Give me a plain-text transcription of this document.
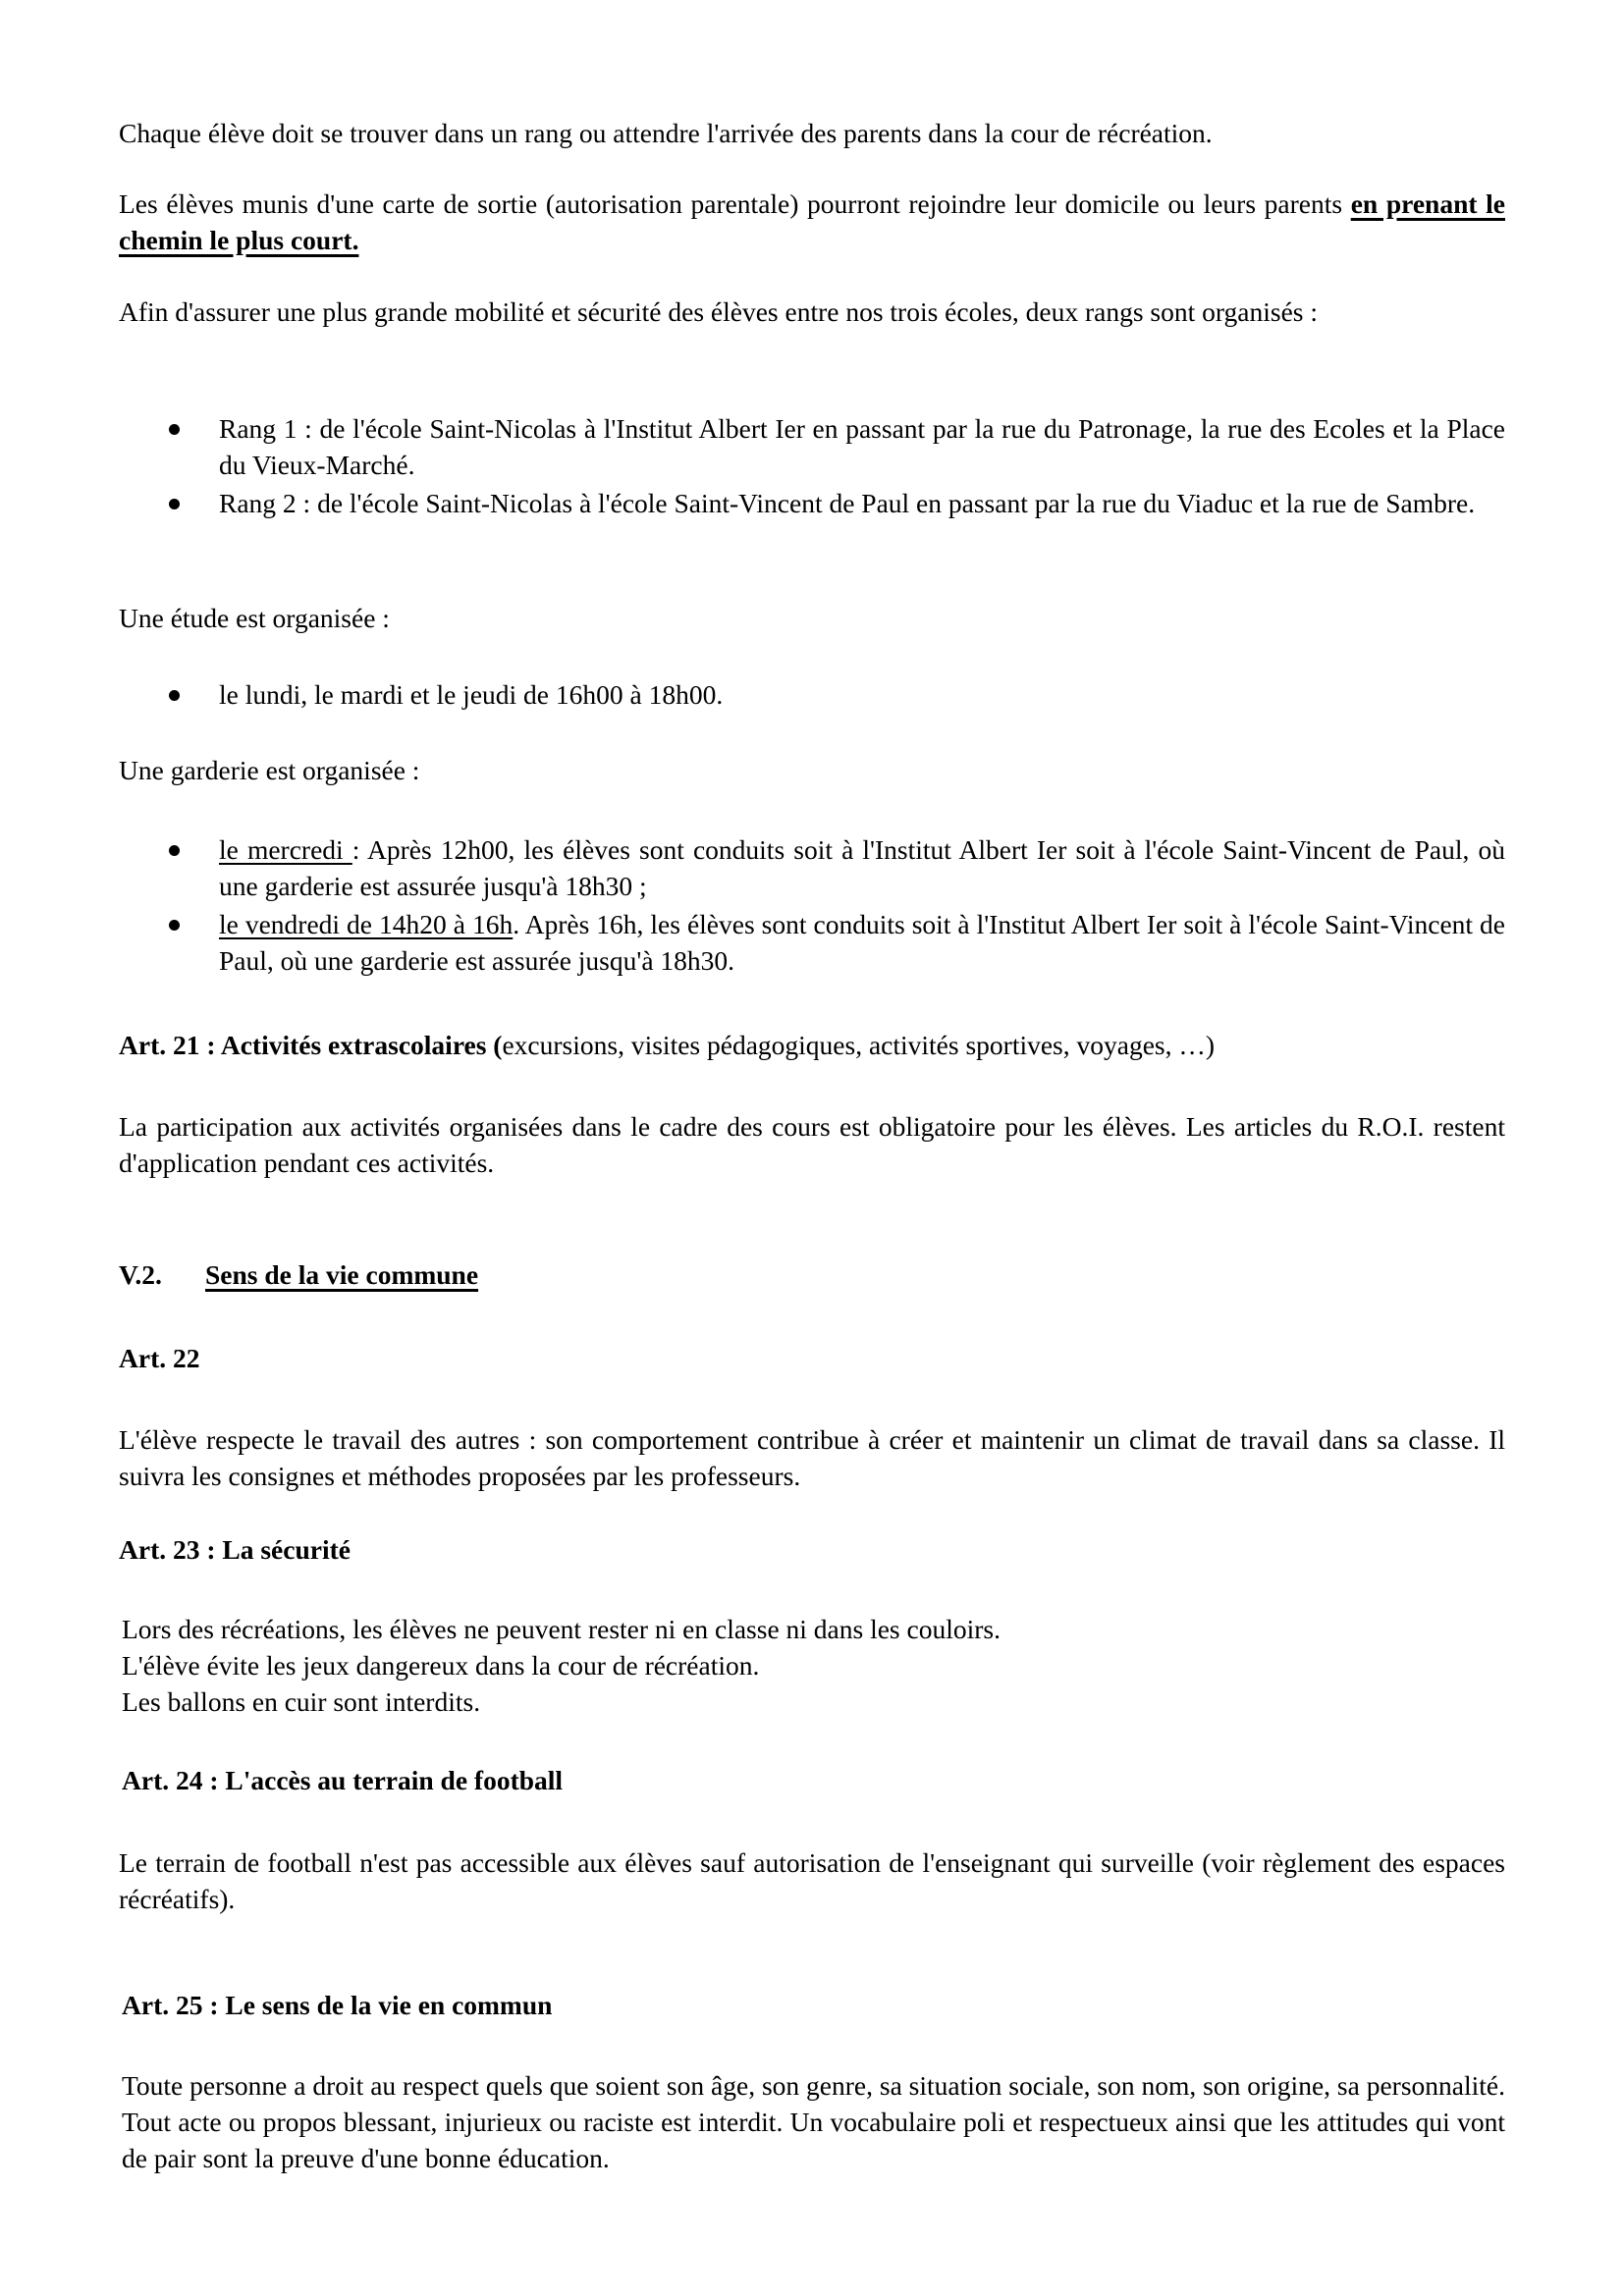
Chaque élève doit se trouver dans un rang ou attendre l'arrivée des parents dans la cour de récréation.

Les élèves munis d'une carte de sortie (autorisation parentale) pourront rejoindre leur domicile ou leurs parents en prenant le chemin le plus court.

Afin d'assurer une plus grande mobilité et sécurité des élèves entre nos trois écoles, deux rangs sont organisés :

Rang 1 : de l'école Saint-Nicolas à l'Institut Albert Ier en passant par la rue du Patronage, la rue des Ecoles et la Place du Vieux-Marché.

Rang 2 : de l'école Saint-Nicolas à l'école Saint-Vincent de Paul en passant par la rue du Viaduc et la rue de Sambre.

Une étude est organisée :

le lundi, le mardi et le jeudi de 16h00 à 18h00.

Une garderie est organisée :

le mercredi : Après 12h00, les élèves sont conduits soit à l'Institut Albert Ier soit à l'école Saint-Vincent de Paul, où une garderie est assurée jusqu'à 18h30 ;

le vendredi de 14h20 à 16h. Après 16h, les élèves sont conduits soit à l'Institut Albert Ier soit à l'école Saint-Vincent de Paul, où une garderie est assurée jusqu'à 18h30.

Art. 21 : Activités extrascolaires (excursions, visites pédagogiques, activités sportives, voyages, …)

La participation aux activités organisées dans le cadre des cours est obligatoire pour les élèves. Les articles du R.O.I. restent d'application pendant ces activités.

V.2. Sens de la vie commune

Art. 22

L'élève respecte le travail des autres : son comportement contribue à créer et maintenir un climat de travail dans sa classe. Il suivra les consignes et méthodes proposées par les professeurs.

Art. 23 : La sécurité

Lors des récréations, les élèves ne peuvent rester ni en classe ni dans les couloirs.
L'élève évite les jeux dangereux dans la cour de récréation.
Les ballons en cuir sont interdits.

Art. 24 : L'accès au terrain de football

Le terrain de football n'est pas accessible aux élèves sauf autorisation de l'enseignant qui surveille (voir règlement des espaces récréatifs).

Art. 25 : Le sens de la vie en commun

Toute personne a droit au respect quels que soient son âge, son genre, sa situation sociale, son nom, son origine, sa personnalité. Tout acte ou propos blessant, injurieux ou raciste est interdit. Un vocabulaire poli et respectueux ainsi que les attitudes qui vont de pair sont la preuve d'une bonne éducation.
